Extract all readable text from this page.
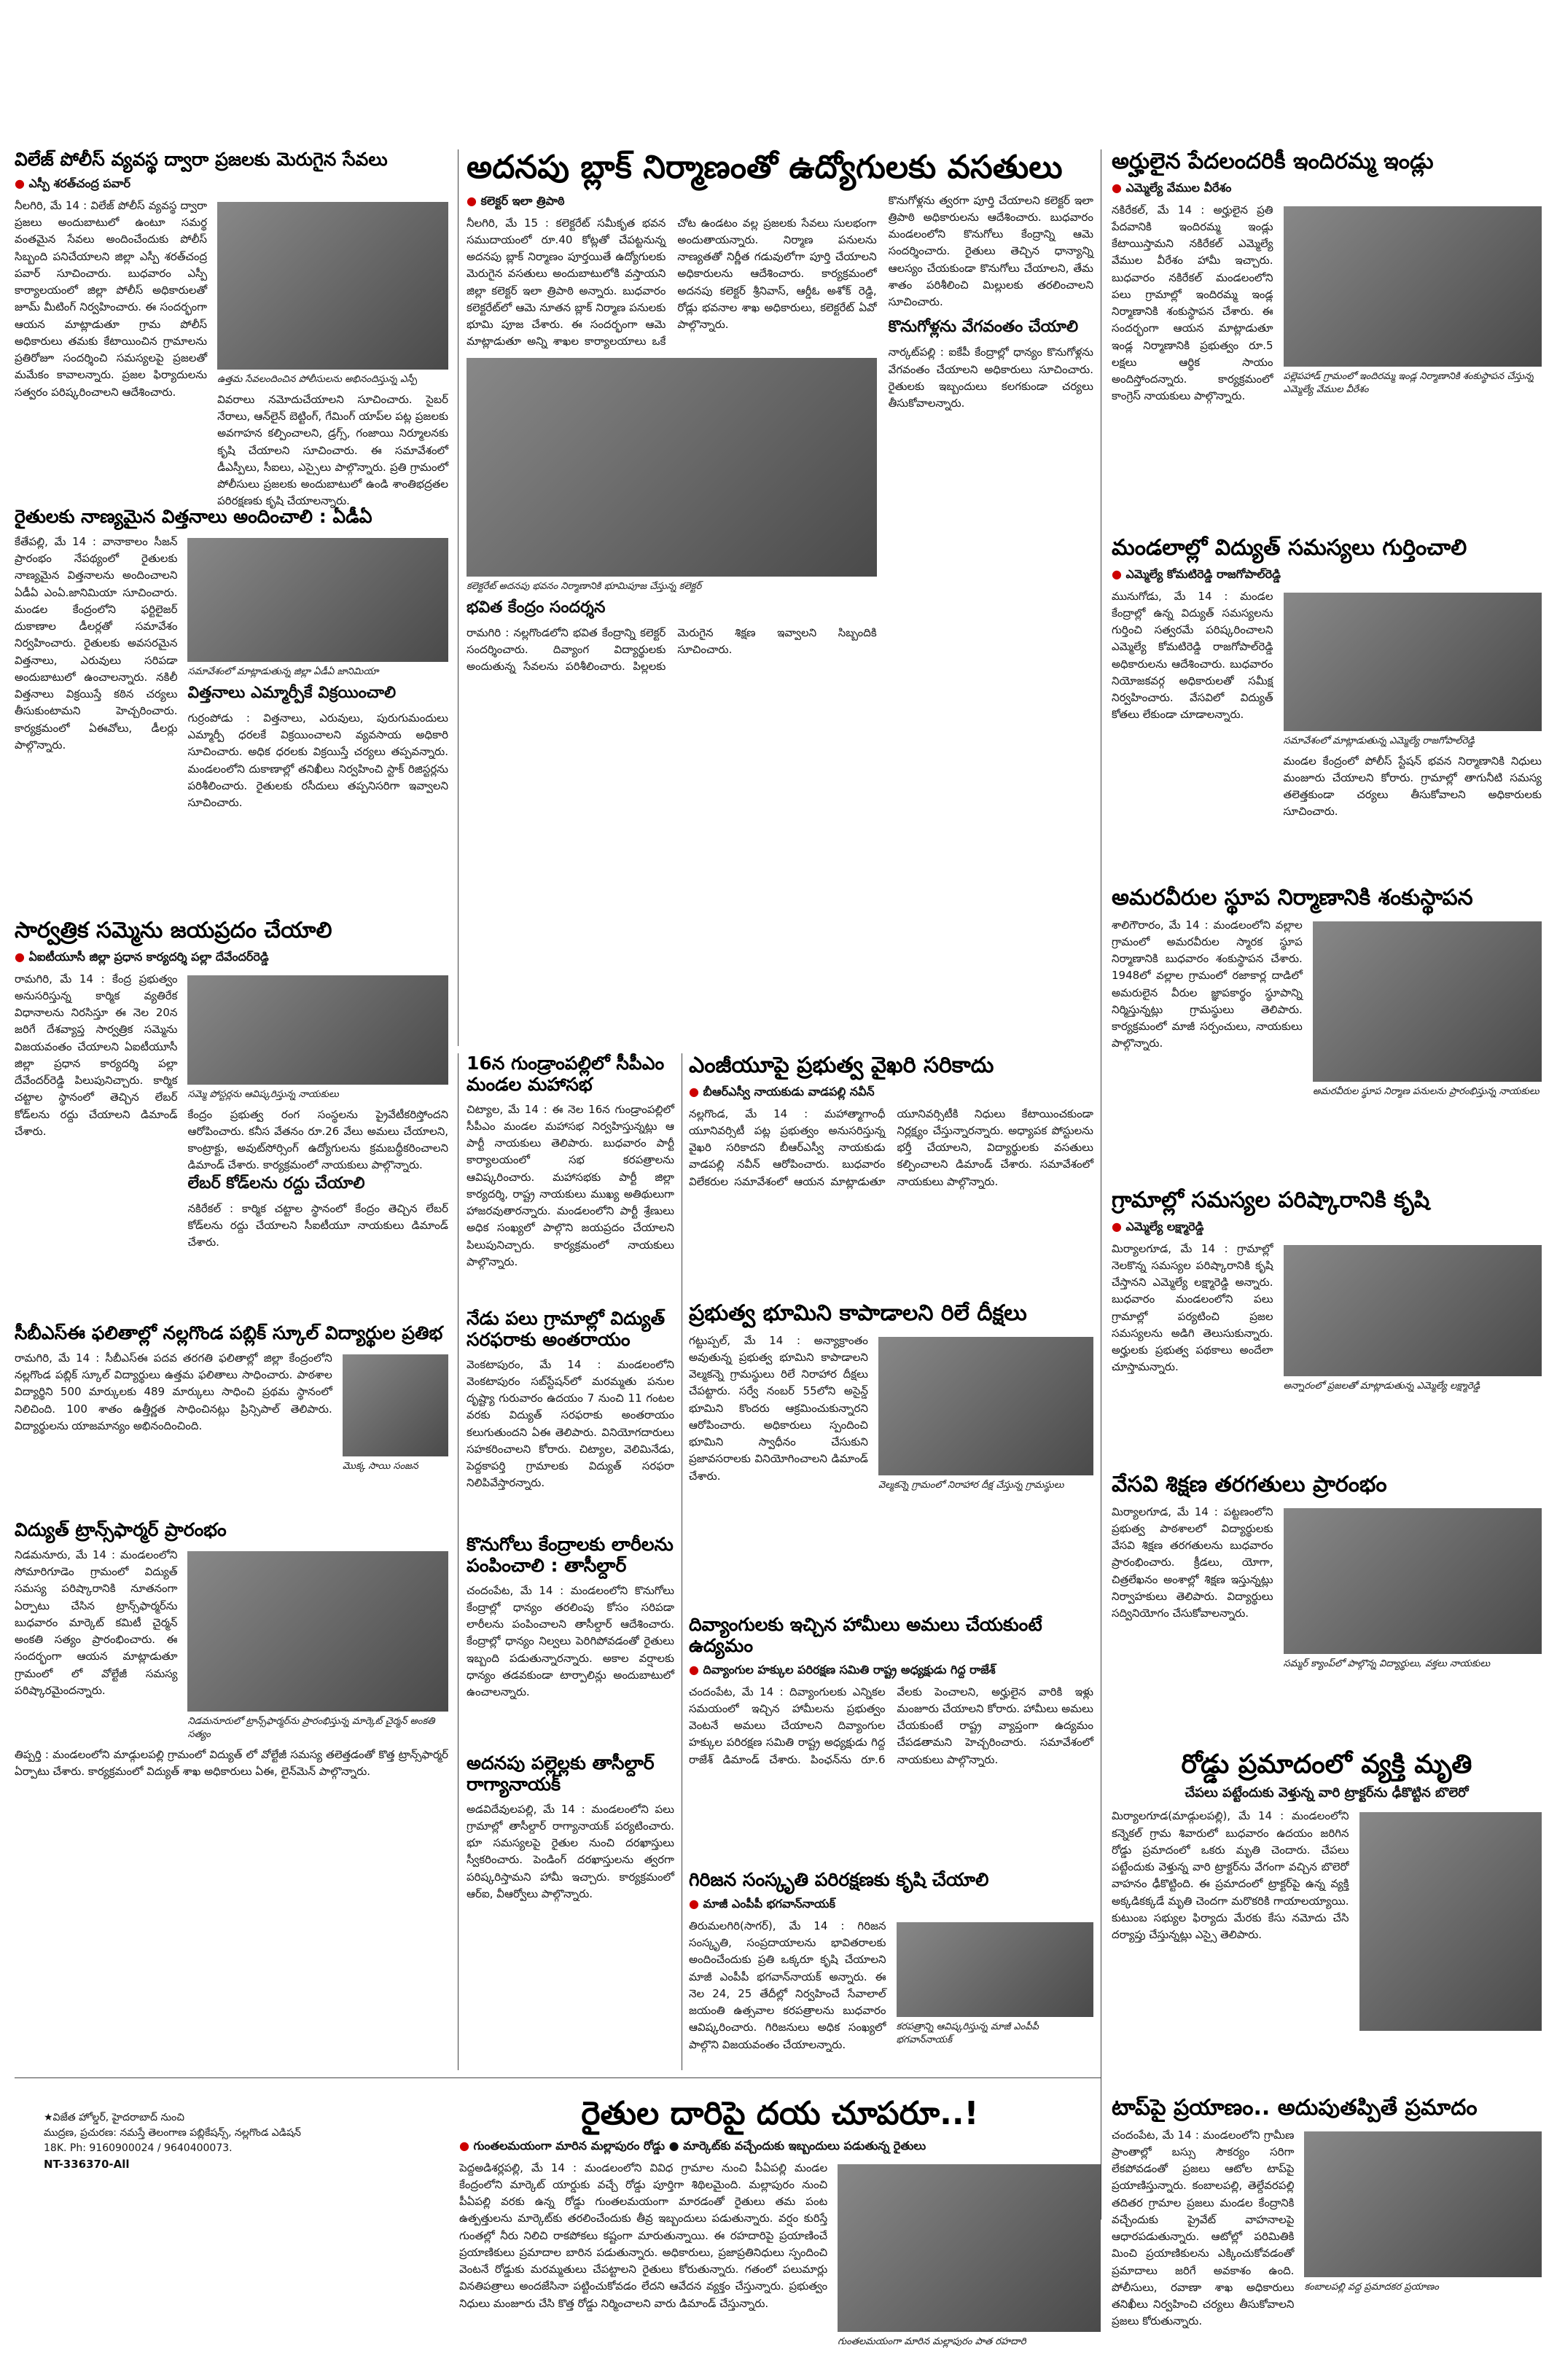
విలేజ్ పోలీస్ వ్యవస్థ ద్వారా ప్రజలకు మెరుగైన సేవలు
● ఎస్పీ శరత్‌చంద్ర పవార్

నీలగిరి, మే 14 : విలేజ్ పోలీస్ వ్యవస్థ ద్వారా ప్రజలు అందుబాటులో ఉంటూ సమర్థ వంతమైన సేవలు అందించేందుకు పోలీస్ సిబ్బంది పనిచేయాలని జిల్లా ఎస్పీ శరత్‌చంద్ర పవార్ సూచించారు. బుధవారం ఎస్పీ కార్యాలయంలో జిల్లా పోలీస్ అధికారులతో జూమ్ మీటింగ్ నిర్వహించారు. ఈ సందర్భంగా ఆయన మాట్లాడుతూ గ్రామ పోలీస్ అధికారులు తమకు కేటాయించిన గ్రామాలను ప్రతిరోజూ సందర్శించి సమస్యలపై ప్రజలతో మమేకం కావాలన్నారు. ప్రజల ఫిర్యాదులను సత్వరం పరిష్కరించాలని ఆదేశించారు.

ఉత్తమ సేవలందించిన పోలీసులను అభినందిస్తున్న ఎస్పీ

వివరాలు నమోదుచేయాలని సూచించారు. సైబర్ నేరాలు, ఆన్‌లైన్ బెట్టింగ్, గేమింగ్ యాప్‌ల పట్ల ప్రజలకు అవగాహన కల్పించాలని, డ్రగ్స్, గంజాయి నిర్మూలనకు కృషి చేయాలని సూచించారు. ఈ సమావేశంలో డీఎస్పీలు, సీఐలు, ఎస్సైలు పాల్గొన్నారు. ప్రతి గ్రామంలో పోలీసులు ప్రజలకు అందుబాటులో ఉండి శాంతిభద్రతల పరిరక్షణకు కృషి చేయాలన్నారు.

రైతులకు నాణ్యమైన విత్తనాలు అందించాలి : ఏడీఏ

కేతేపల్లి, మే 14 : వానాకాలం సీజన్ ప్రారంభం నేపథ్యంలో రైతులకు నాణ్యమైన విత్తనాలను అందించాలని ఏడీఏ ఎంఏ.జానిమియా సూచించారు. మండల కేంద్రంలోని ఫర్టిలైజర్ దుకాణాల డీలర్లతో సమావేశం నిర్వహించారు. రైతులకు అవసరమైన విత్తనాలు, ఎరువులు సరిపడా అందుబాటులో ఉంచాలన్నారు. నకిలీ విత్తనాలు విక్రయిస్తే కఠిన చర్యలు తీసుకుంటామని హెచ్చరించారు. కార్యక్రమంలో ఏఈవోలు, డీలర్లు పాల్గొన్నారు.

సమావేశంలో మాట్లాడుతున్న జిల్లా ఏడీఏ జానిమియా
విత్తనాలు ఎమ్మార్పీకే విక్రయించాలి

గుర్రంపోడు : విత్తనాలు, ఎరువులు, పురుగుమందులు ఎమ్మార్పీ ధరలకే విక్రయించాలని వ్యవసాయ అధికారి సూచించారు. అధిక ధరలకు విక్రయిస్తే చర్యలు తప్పవన్నారు. మండలంలోని దుకాణాల్లో తనిఖీలు నిర్వహించి స్టాక్ రిజిస్టర్లను పరిశీలించారు. రైతులకు రసీదులు తప్పనిసరిగా ఇవ్వాలని సూచించారు.

సార్వత్రిక సమ్మెను జయప్రదం చేయాలి
● ఏఐటీయూసీ జిల్లా ప్రధాన కార్యదర్శి పల్లా దేవేందర్‌రెడ్డి

రామగిరి, మే 14 : కేంద్ర ప్రభుత్వం అనుసరిస్తున్న కార్మిక వ్యతిరేక విధానాలను నిరసిస్తూ ఈ నెల 20న జరిగే దేశవ్యాప్త సార్వత్రిక సమ్మెను విజయవంతం చేయాలని ఏఐటీయూసీ జిల్లా ప్రధాన కార్యదర్శి పల్లా దేవేందర్‌రెడ్డి పిలుపునిచ్చారు. కార్మిక చట్టాల స్థానంలో తెచ్చిన లేబర్ కోడ్‌లను రద్దు చేయాలని డిమాండ్ చేశారు.

సమ్మె పోస్టర్లను ఆవిష్కరిస్తున్న నాయకులు

కేంద్రం ప్రభుత్వ రంగ సంస్థలను ప్రైవేటీకరిస్తోందని ఆరోపించారు. కనీస వేతనం రూ.26 వేలు అమలు చేయాలని, కాంట్రాక్టు, అవుట్‌సోర్సింగ్ ఉద్యోగులను క్రమబద్ధీకరించాలని డిమాండ్ చేశారు. కార్యక్రమంలో నాయకులు పాల్గొన్నారు.

లేబర్ కోడ్‌లను రద్దు చేయాలి

నకిరేకల్ : కార్మిక చట్టాల స్థానంలో కేంద్రం తెచ్చిన లేబర్ కోడ్‌లను రద్దు చేయాలని సీఐటీయూ నాయకులు డిమాండ్ చేశారు.

సీబీఎస్ఈ ఫలితాల్లో నల్లగొండ పబ్లిక్ స్కూల్ విద్యార్థుల ప్రతిభ

రామగిరి, మే 14 : సీబీఎస్ఈ పదవ తరగతి ఫలితాల్లో జిల్లా కేంద్రంలోని నల్లగొండ పబ్లిక్ స్కూల్ విద్యార్థులు ఉత్తమ ఫలితాలు సాధించారు. పాఠశాల విద్యార్థిని 500 మార్కులకు 489 మార్కులు సాధించి ప్రథమ స్థానంలో నిలిచింది. 100 శాతం ఉత్తీర్ణత సాధించినట్లు ప్రిన్సిపాల్ తెలిపారు. విద్యార్థులను యాజమాన్యం అభినందించింది.

మొక్క సాయి సంజన
విద్యుత్ ట్రాన్స్‌ఫార్మర్ ప్రారంభం

నిడమనూరు, మే 14 : మండలంలోని సోమారిగూడెం గ్రామంలో విద్యుత్ సమస్య పరిష్కారానికి నూతనంగా ఏర్పాటు చేసిన ట్రాన్స్‌ఫార్మర్‌ను బుధవారం మార్కెట్ కమిటీ చైర్మన్ అంకతి సత్యం ప్రారంభించారు. ఈ సందర్భంగా ఆయన మాట్లాడుతూ గ్రామంలో లో వోల్టేజీ సమస్య పరిష్కారమైందన్నారు.

నిడమనూరులో ట్రాన్స్‌ఫార్మర్‌ను ప్రారంభిస్తున్న మార్కెట్ చైర్మన్ అంకతి సత్యం

తిప్పర్తి : మండలంలోని మాడ్గులపల్లి గ్రామంలో విద్యుత్ లో వోల్టేజీ సమస్య తలెత్తడంతో కొత్త ట్రాన్స్‌ఫార్మర్ ఏర్పాటు చేశారు. కార్యక్రమంలో విద్యుత్ శాఖ అధికారులు ఏఈ, లైన్‌మెన్ పాల్గొన్నారు.

★విజేత హోల్డర్, హైదరాబాద్ నుంచి
ముద్రణ, ప్రచురణ: నమస్తే తెలంగాణ పబ్లికేషన్స్, నల్లగొండ ఎడిషన్
18K. Ph: 9160900024 / 9640400073.
NT-336370-All
అదనపు బ్లాక్ నిర్మాణంతో ఉద్యోగులకు వసతులు
● కలెక్టర్ ఇలా త్రిపాఠి

నీలగిరి, మే 15 : కలెక్టరేట్ సమీకృత భవన సముదాయంలో రూ.40 కోట్లతో చేపట్టనున్న అదనపు బ్లాక్ నిర్మాణం పూర్తయితే ఉద్యోగులకు మెరుగైన వసతులు అందుబాటులోకి వస్తాయని జిల్లా కలెక్టర్ ఇలా త్రిపాఠి అన్నారు. బుధవారం కలెక్టరేట్‌లో ఆమె నూతన బ్లాక్ నిర్మాణ పనులకు భూమి పూజ చేశారు. ఈ సందర్భంగా ఆమె మాట్లాడుతూ అన్ని శాఖల కార్యాలయాలు ఒకే చోట ఉండటం వల్ల ప్రజలకు సేవలు సులభంగా అందుతాయన్నారు. నిర్మాణ పనులను నాణ్యతతో నిర్ణీత గడువులోగా పూర్తి చేయాలని అధికారులను ఆదేశించారు. కార్యక్రమంలో అదనపు కలెక్టర్ శ్రీనివాస్, ఆర్డీఓ అశోక్ రెడ్డి, రోడ్లు భవనాల శాఖ అధికారులు, కలెక్టరేట్ ఏవో పాల్గొన్నారు.

కలెక్టరేట్ అదనపు భవనం నిర్మాణానికి భూమిపూజ చేస్తున్న కలెక్టర్
భవిత కేంద్రం సందర్శన

రామగిరి : నల్లగొండలోని భవిత కేంద్రాన్ని కలెక్టర్ సందర్శించారు. దివ్యాంగ విద్యార్థులకు అందుతున్న సేవలను పరిశీలించారు. పిల్లలకు మెరుగైన శిక్షణ ఇవ్వాలని సిబ్బందికి సూచించారు.

కొనుగోళ్లను త్వరగా పూర్తి చేయాలని కలెక్టర్ ఇలా త్రిపాఠి అధికారులను ఆదేశించారు. బుధవారం మండలంలోని కొనుగోలు కేంద్రాన్ని ఆమె సందర్శించారు. రైతులు తెచ్చిన ధాన్యాన్ని ఆలస్యం చేయకుండా కొనుగోలు చేయాలని, తేమ శాతం పరిశీలించి మిల్లులకు తరలించాలని సూచించారు.

కొనుగోళ్లను వేగవంతం చేయాలి

నార్కట్‌పల్లి : ఐకేపీ కేంద్రాల్లో ధాన్యం కొనుగోళ్లను వేగవంతం చేయాలని అధికారులు సూచించారు. రైతులకు ఇబ్బందులు కలగకుండా చర్యలు తీసుకోవాలన్నారు.

16న గుండ్రాంపల్లిలో సీపీఎం మండల మహాసభ

చిట్యాల, మే 14 : ఈ నెల 16న గుండ్రాంపల్లిలో సీపీఎం మండల మహాసభ నిర్వహిస్తున్నట్లు ఆ పార్టీ నాయకులు తెలిపారు. బుధవారం పార్టీ కార్యాలయంలో సభ కరపత్రాలను ఆవిష్కరించారు. మహాసభకు పార్టీ జిల్లా కార్యదర్శి, రాష్ట్ర నాయకులు ముఖ్య అతిథులుగా హాజరవుతారన్నారు. మండలంలోని పార్టీ శ్రేణులు అధిక సంఖ్యలో పాల్గొని జయప్రదం చేయాలని పిలుపునిచ్చారు. కార్యక్రమంలో నాయకులు పాల్గొన్నారు.

నేడు పలు గ్రామాల్లో విద్యుత్ సరఫరాకు అంతరాయం

వెంకటాపురం, మే 14 : మండలంలోని వెంకటాపురం సబ్‌స్టేషన్‌లో మరమ్మతు పనుల దృష్ట్యా గురువారం ఉదయం 7 నుంచి 11 గంటల వరకు విద్యుత్ సరఫరాకు అంతరాయం కలుగుతుందని ఏఈ తెలిపారు. వినియోగదారులు సహకరించాలని కోరారు. చిట్యాల, వెలిమినేడు, పెద్దకాపర్తి గ్రామాలకు విద్యుత్ సరఫరా నిలిపివేస్తారన్నారు.

కొనుగోలు కేంద్రాలకు లారీలను పంపించాలి : తాసీల్దార్

చందంపేట, మే 14 : మండలంలోని కొనుగోలు కేంద్రాల్లో ధాన్యం తరలింపు కోసం సరిపడా లారీలను పంపించాలని తాసీల్దార్ ఆదేశించారు. కేంద్రాల్లో ధాన్యం నిల్వలు పెరిగిపోవడంతో రైతులు ఇబ్బంది పడుతున్నారన్నారు. అకాల వర్షాలకు ధాన్యం తడవకుండా టార్పాలిన్లు అందుబాటులో ఉంచాలన్నారు.

అదనపు పల్లెల్లకు తాసీల్దార్ రాగ్యానాయక్

అడవిదేవులపల్లి, మే 14 : మండలంలోని పలు గ్రామాల్లో తాసీల్దార్ రాగ్యానాయక్ పర్యటించారు. భూ సమస్యలపై రైతుల నుంచి దరఖాస్తులు స్వీకరించారు. పెండింగ్ దరఖాస్తులను త్వరగా పరిష్కరిస్తామని హామీ ఇచ్చారు. కార్యక్రమంలో ఆర్ఐ, వీఆర్వోలు పాల్గొన్నారు.

ఎంజీయూపై ప్రభుత్వ వైఖరి సరికాదు
● బీఆర్ఎస్వీ నాయకుడు వాడపల్లి నవీన్

నల్లగొండ, మే 14 : మహాత్మాగాంధీ యూనివర్సిటీ పట్ల ప్రభుత్వం అనుసరిస్తున్న వైఖరి సరికాదని బీఆర్ఎస్వీ నాయకుడు వాడపల్లి నవీన్ ఆరోపించారు. బుధవారం విలేకరుల సమావేశంలో ఆయన మాట్లాడుతూ యూనివర్సిటీకి నిధులు కేటాయించకుండా నిర్లక్ష్యం చేస్తున్నారన్నారు. అధ్యాపక పోస్టులను భర్తీ చేయాలని, విద్యార్థులకు వసతులు కల్పించాలని డిమాండ్ చేశారు. సమావేశంలో నాయకులు పాల్గొన్నారు.

ప్రభుత్వ భూమిని కాపాడాలని రిలే దీక్షలు

గట్టుప్పల్, మే 14 : అన్యాక్రాంతం అవుతున్న ప్రభుత్వ భూమిని కాపాడాలని వెల్మకన్నె గ్రామస్థులు రిలే నిరాహార దీక్షలు చేపట్టారు. సర్వే నంబర్ 55లోని అసైన్డ్ భూమిని కొందరు ఆక్రమించుకున్నారని ఆరోపించారు. అధికారులు స్పందించి భూమిని స్వాధీనం చేసుకుని ప్రజావసరాలకు వినియోగించాలని డిమాండ్ చేశారు.

వెల్మకన్నె గ్రామంలో నిరాహార దీక్ష చేస్తున్న గ్రామస్థులు
దివ్యాంగులకు ఇచ్చిన హామీలు అమలు చేయకుంటే ఉద్యమం
● దివ్యాంగుల హక్కుల పరిరక్షణ సమితి రాష్ట్ర అధ్యక్షుడు గిద్ద రాజేశ్

చందంపేట, మే 14 : దివ్యాంగులకు ఎన్నికల సమయంలో ఇచ్చిన హామీలను ప్రభుత్వం వెంటనే అమలు చేయాలని దివ్యాంగుల హక్కుల పరిరక్షణ సమితి రాష్ట్ర అధ్యక్షుడు గిద్ద రాజేశ్ డిమాండ్ చేశారు. పింఛన్‌ను రూ.6 వేలకు పెంచాలని, అర్హులైన వారికి ఇళ్లు మంజూరు చేయాలని కోరారు. హామీలు అమలు చేయకుంటే రాష్ట్ర వ్యాప్తంగా ఉద్యమం చేపడతామని హెచ్చరించారు. సమావేశంలో నాయకులు పాల్గొన్నారు.

గిరిజన సంస్కృతి పరిరక్షణకు కృషి చేయాలి
● మాజీ ఎంపీపీ భగవాన్‌నాయక్

తిరుమలగిరి(సాగర్), మే 14 : గిరిజన సంస్కృతి, సంప్రదాయాలను భావితరాలకు అందించేందుకు ప్రతి ఒక్కరూ కృషి చేయాలని మాజీ ఎంపీపీ భగవాన్‌నాయక్ అన్నారు. ఈ నెల 24, 25 తేదీల్లో నిర్వహించే సేవాలాల్ జయంతి ఉత్సవాల కరపత్రాలను బుధవారం ఆవిష్కరించారు. గిరిజనులు అధిక సంఖ్యలో పాల్గొని విజయవంతం చేయాలన్నారు.

కరపత్రాన్ని ఆవిష్కరిస్తున్న మాజీ ఎంపీపీ భగవాన్‌నాయక్
అర్హులైన పేదలందరికీ ఇందిరమ్మ ఇండ్లు
● ఎమ్మెల్యే వేముల వీరేశం

నకిరేకల్, మే 14 : అర్హులైన ప్రతి పేదవానికి ఇందిరమ్మ ఇండ్లు కేటాయిస్తామని నకిరేకల్ ఎమ్మెల్యే వేముల వీరేశం హామీ ఇచ్చారు. బుధవారం నకిరేకల్ మండలంలోని పలు గ్రామాల్లో ఇందిరమ్మ ఇండ్ల నిర్మాణానికి శంకుస్థాపన చేశారు. ఈ సందర్భంగా ఆయన మాట్లాడుతూ ఇండ్ల నిర్మాణానికి ప్రభుత్వం రూ.5 లక్షలు ఆర్థిక సాయం అందిస్తోందన్నారు. కార్యక్రమంలో కాంగ్రెస్ నాయకులు పాల్గొన్నారు.

పల్లెపహాడ్ గ్రామంలో ఇందిరమ్మ ఇండ్ల నిర్మాణానికి శంకుస్థాపన చేస్తున్న ఎమ్మెల్యే వేముల వీరేశం
మండలాల్లో విద్యుత్ సమస్యలు గుర్తించాలి
● ఎమ్మెల్యే కోమటిరెడ్డి రాజగోపాల్‌రెడ్డి

మునుగోడు, మే 14 : మండల కేంద్రాల్లో ఉన్న విద్యుత్ సమస్యలను గుర్తించి సత్వరమే పరిష్కరించాలని ఎమ్మెల్యే కోమటిరెడ్డి రాజగోపాల్‌రెడ్డి అధికారులను ఆదేశించారు. బుధవారం నియోజకవర్గ అధికారులతో సమీక్ష నిర్వహించారు. వేసవిలో విద్యుత్ కోతలు లేకుండా చూడాలన్నారు.

సమావేశంలో మాట్లాడుతున్న ఎమ్మెల్యే రాజగోపాల్‌రెడ్డి

మండల కేంద్రంలో పోలీస్ స్టేషన్ భవన నిర్మాణానికి నిధులు మంజూరు చేయాలని కోరారు. గ్రామాల్లో తాగునీటి సమస్య తలెత్తకుండా చర్యలు తీసుకోవాలని అధికారులకు సూచించారు.

అమరవీరుల స్థూప నిర్మాణానికి శంకుస్థాపన

శాలిగౌరారం, మే 14 : మండలంలోని వల్లాల గ్రామంలో అమరవీరుల స్మారక స్థూప నిర్మాణానికి బుధవారం శంకుస్థాపన చేశారు. 1948లో వల్లాల గ్రామంలో రజాకార్ల దాడిలో అమరులైన వీరుల జ్ఞాపకార్థం స్థూపాన్ని నిర్మిస్తున్నట్లు గ్రామస్థులు తెలిపారు. కార్యక్రమంలో మాజీ సర్పంచులు, నాయకులు పాల్గొన్నారు.

అమరవీరుల స్థూప నిర్మాణ పనులను ప్రారంభిస్తున్న నాయకులు
గ్రామాల్లో సమస్యల పరిష్కారానికి కృషి
● ఎమ్మెల్యే లక్ష్మారెడ్డి

మిర్యాలగూడ, మే 14 : గ్రామాల్లో నెలకొన్న సమస్యల పరిష్కారానికి కృషి చేస్తానని ఎమ్మెల్యే లక్ష్మారెడ్డి అన్నారు. బుధవారం మండలంలోని పలు గ్రామాల్లో పర్యటించి ప్రజల సమస్యలను అడిగి తెలుసుకున్నారు. అర్హులకు ప్రభుత్వ పథకాలు అందేలా చూస్తామన్నారు.

అన్నారంలో ప్రజలతో మాట్లాడుతున్న ఎమ్మెల్యే లక్ష్మారెడ్డి
వేసవి శిక్షణ తరగతులు ప్రారంభం

మిర్యాలగూడ, మే 14 : పట్టణంలోని ప్రభుత్వ పాఠశాలలో విద్యార్థులకు వేసవి శిక్షణ తరగతులను బుధవారం ప్రారంభించారు. క్రీడలు, యోగా, చిత్రలేఖనం అంశాల్లో శిక్షణ ఇస్తున్నట్లు నిర్వాహకులు తెలిపారు. విద్యార్థులు సద్వినియోగం చేసుకోవాలన్నారు.

సమ్మర్ క్యాంప్‌లో పాల్గొన్న విద్యార్థులు, వక్తలు నాయకులు
రోడ్డు ప్రమాదంలో వ్యక్తి మృతి
చేపలు పట్టేందుకు వెళ్తున్న వారి ట్రాక్టర్‌ను ఢీకొట్టిన బొలెరో

మిర్యాలగూడ(మాడ్గులపల్లి), మే 14 : మండలంలోని కన్నెకల్ గ్రామ శివారులో బుధవారం ఉదయం జరిగిన రోడ్డు ప్రమాదంలో ఒకరు మృతి చెందారు. చేపలు పట్టేందుకు వెళ్తున్న వారి ట్రాక్టర్‌ను వేగంగా వచ్చిన బొలెరో వాహనం ఢీకొట్టింది. ఈ ప్రమాదంలో ట్రాక్టర్‌పై ఉన్న వ్యక్తి అక్కడికక్కడే మృతి చెందగా మరొకరికి గాయాలయ్యాయి. కుటుంబ సభ్యుల ఫిర్యాదు మేరకు కేసు నమోదు చేసి దర్యాప్తు చేస్తున్నట్లు ఎస్సై తెలిపారు.

రైతుల దారిపై దయ చూపరూ..!
● గుంతలమయంగా మారిన మల్లాపురం రోడ్డు ● మార్కెట్‌కు వచ్చేందుకు ఇబ్బందులు పడుతున్న రైతులు

పెద్దఅడిశర్లపల్లి, మే 14 : మండలంలోని వివిధ గ్రామాల నుంచి పీఏపల్లి మండల కేంద్రంలోని మార్కెట్ యార్డుకు వచ్చే రోడ్డు పూర్తిగా శిథిలమైంది. మల్లాపురం నుంచి పీఏపల్లి వరకు ఉన్న రోడ్డు గుంతలమయంగా మారడంతో రైతులు తమ పంట ఉత్పత్తులను మార్కెట్‌కు తరలించేందుకు తీవ్ర ఇబ్బందులు పడుతున్నారు. వర్షం కురిస్తే గుంతల్లో నీరు నిలిచి రాకపోకలు కష్టంగా మారుతున్నాయి. ఈ రహదారిపై ప్రయాణించే ప్రయాణికులు ప్రమాదాల బారిన పడుతున్నారు. అధికారులు, ప్రజాప్రతినిధులు స్పందించి వెంటనే రోడ్డుకు మరమ్మతులు చేపట్టాలని రైతులు కోరుతున్నారు. గతంలో పలుమార్లు వినతిపత్రాలు అందజేసినా పట్టించుకోవడం లేదని ఆవేదన వ్యక్తం చేస్తున్నారు. ప్రభుత్వం నిధులు మంజూరు చేసి కొత్త రోడ్డు నిర్మించాలని వారు డిమాండ్ చేస్తున్నారు.

గుంతలమయంగా మారిన మల్లాపురం పాత రహదారి
టాప్‌పై ప్రయాణం.. అదుపుతప్పితే ప్రమాదం

చందంపేట, మే 14 : మండలంలోని గ్రామీణ ప్రాంతాల్లో బస్సు సౌకర్యం సరిగా లేకపోవడంతో ప్రజలు ఆటోల టాప్‌పై ప్రయాణిస్తున్నారు. కంబాలపల్లి, తెల్దేవరపల్లి తదితర గ్రామాల ప్రజలు మండల కేంద్రానికి వచ్చేందుకు ప్రైవేట్ వాహనాలపై ఆధారపడుతున్నారు. ఆటోల్లో పరిమితికి మించి ప్రయాణికులను ఎక్కించుకోవడంతో ప్రమాదాలు జరిగే అవకాశం ఉంది. పోలీసులు, రవాణా శాఖ అధికారులు తనిఖీలు నిర్వహించి చర్యలు తీసుకోవాలని ప్రజలు కోరుతున్నారు.

కంబాలపల్లి వద్ద ప్రమాదకర ప్రయాణం
